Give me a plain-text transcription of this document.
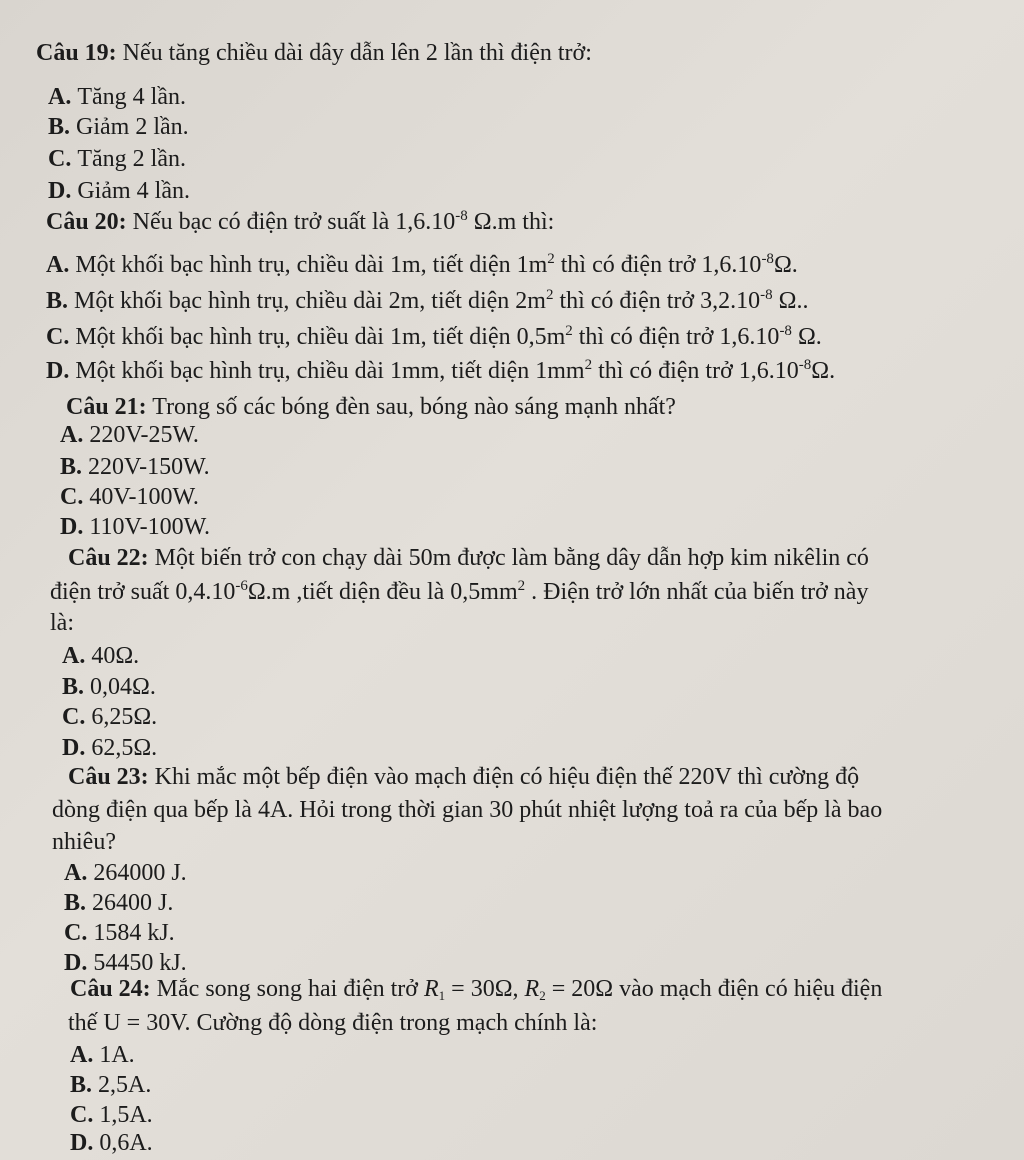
Câu 19: Nếu tăng chiều dài dây dẫn lên 2 lần thì điện trở:
A. Tăng 4 lần.
B. Giảm 2 lần.
C. Tăng 2 lần.
D. Giảm 4 lần.
Câu 20: Nếu bạc có điện trở suất là $1,6.10^{-8}$ Ω.m thì:
A. Một khối bạc hình trụ, chiều dài 1m, tiết diện $1m^2$ thì có điện trở $1,6.10^{-8}\Omega$.
B. Một khối bạc hình trụ, chiều dài 2m, tiết diện $2m^2$ thì có điện trở $3,2.10^{-8}$ Ω..
C. Một khối bạc hình trụ, chiều dài 1m, tiết diện $0,5m^2$ thì có điện trở $1,6.10^{-8}$ Ω.
D. Một khối bạc hình trụ, chiều dài 1mm, tiết diện $1mm^2$ thì có điện trở $1,6.10^{-8}\Omega$.
Câu 21: Trong số các bóng đèn sau, bóng nào sáng mạnh nhất?
A. 220V-25W.
B. 220V-150W.
C. 40V-100W.
D. 110V-100W.
Câu 22: Một biến trở con chạy dài 50m được làm bằng dây dẫn hợp kim nikêlin có
điện trở suất $0,4.10^{-6}\Omega.m$ ,tiết diện đều là $0,5mm^2$ . Điện trở lớn nhất của biến trở này
là:
A. 40Ω.
B. 0,04Ω.
C. 6,25Ω.
D. 62,5Ω.
Câu 23: Khi mắc một bếp điện vào mạch điện có hiệu điện thế 220V thì cường độ
dòng điện qua bếp là 4A. Hỏi trong thời gian 30 phút nhiệt lượng toả ra của bếp là bao
nhiêu?
A. 264000 J.
B. 26400 J.
C. 1584 kJ.
D. 54450 kJ.
Câu 24: Mắc song song hai điện trở $R_1 = 30\Omega$, $R_2 = 20\Omega$ vào mạch điện có hiệu điện
thế U = 30V. Cường độ dòng điện trong mạch chính là:
A. 1A.
B. 2,5A.
C. 1,5A.
D. 0,6A.
